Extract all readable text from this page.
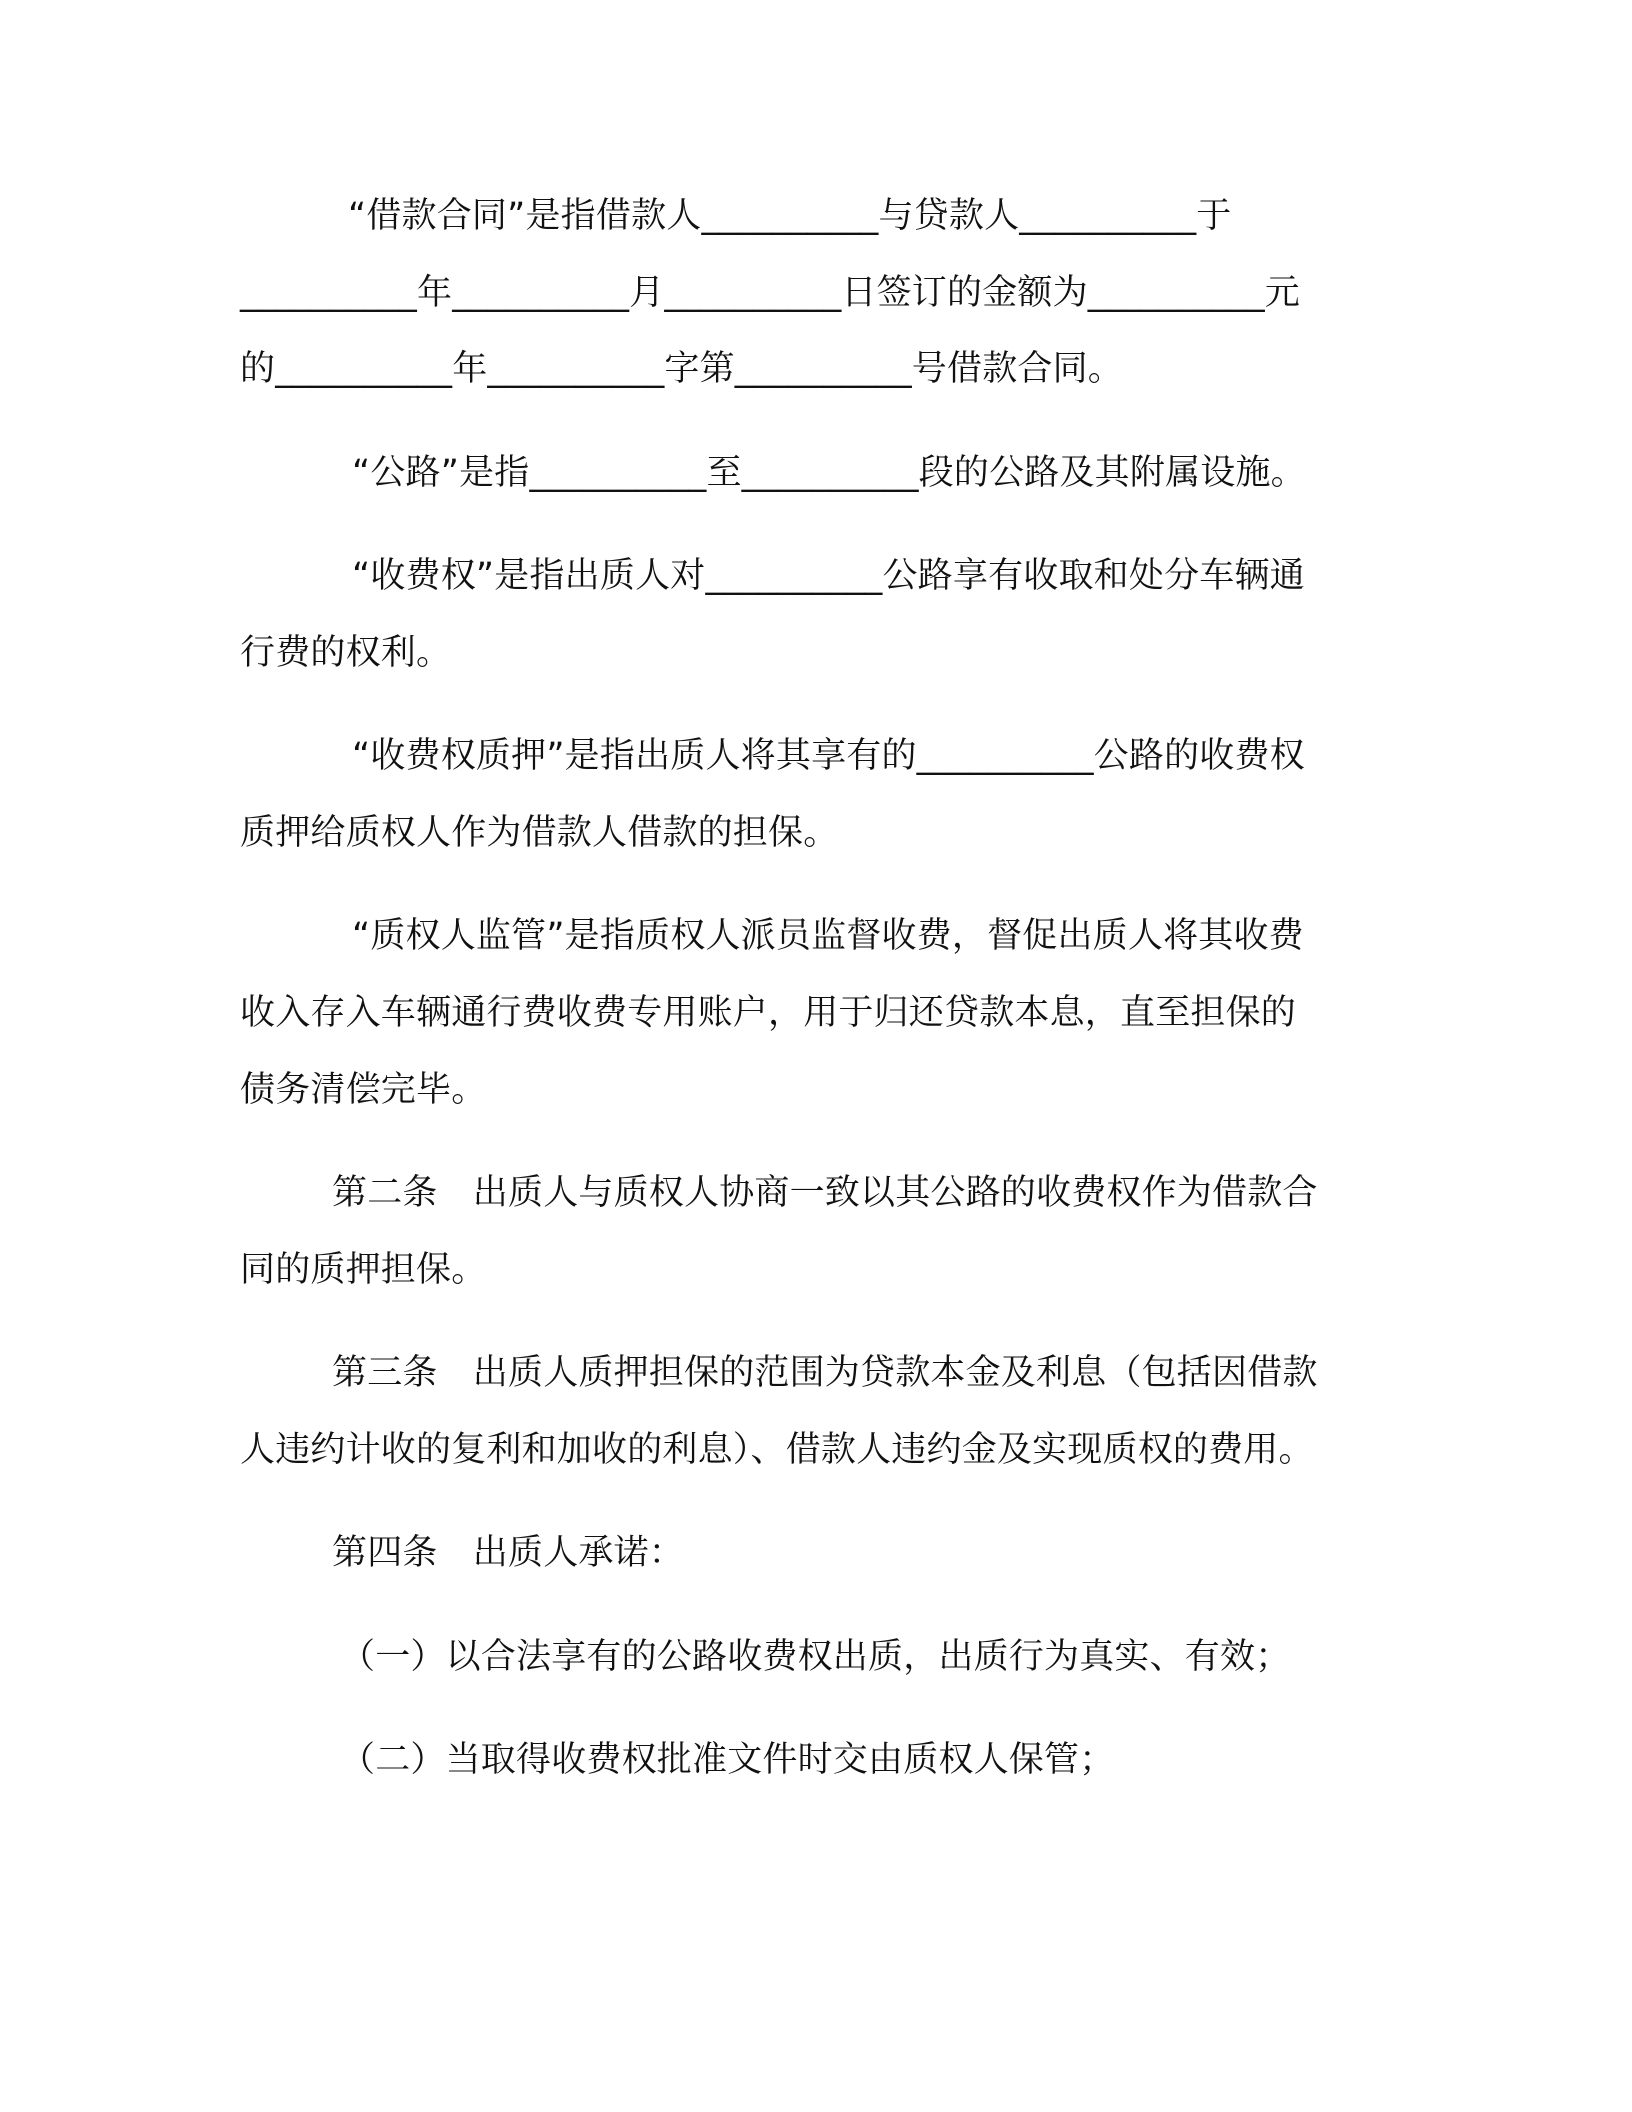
“借款合同”是指借款人__________与贷款人__________于
__________年__________月__________日签订的金额为__________元
的__________年__________字第__________号借款合同。
“公路”是指__________至__________段的公路及其附属设施。
“收费权”是指出质人对__________公路享有收取和处分车辆通
行费的权利。
“收费权质押”是指出质人将其享有的__________公路的收费权
质押给质权人作为借款人借款的担保。
“质权人监管”是指质权人派员监督收费，督促出质人将其收费
收入存入车辆通行费收费专用账户，用于归还贷款本息，直至担保的
债务清偿完毕。
第二条　出质人与质权人协商一致以其公路的收费权作为借款合
同的质押担保。
第三条　出质人质押担保的范围为贷款本金及利息（包括因借款
人违约计收的复利和加收的利息）、借款人违约金及实现质权的费用。
第四条　出质人承诺：
（一）以合法享有的公路收费权出质，出质行为真实、有效；
（二）当取得收费权批准文件时交由质权人保管；
